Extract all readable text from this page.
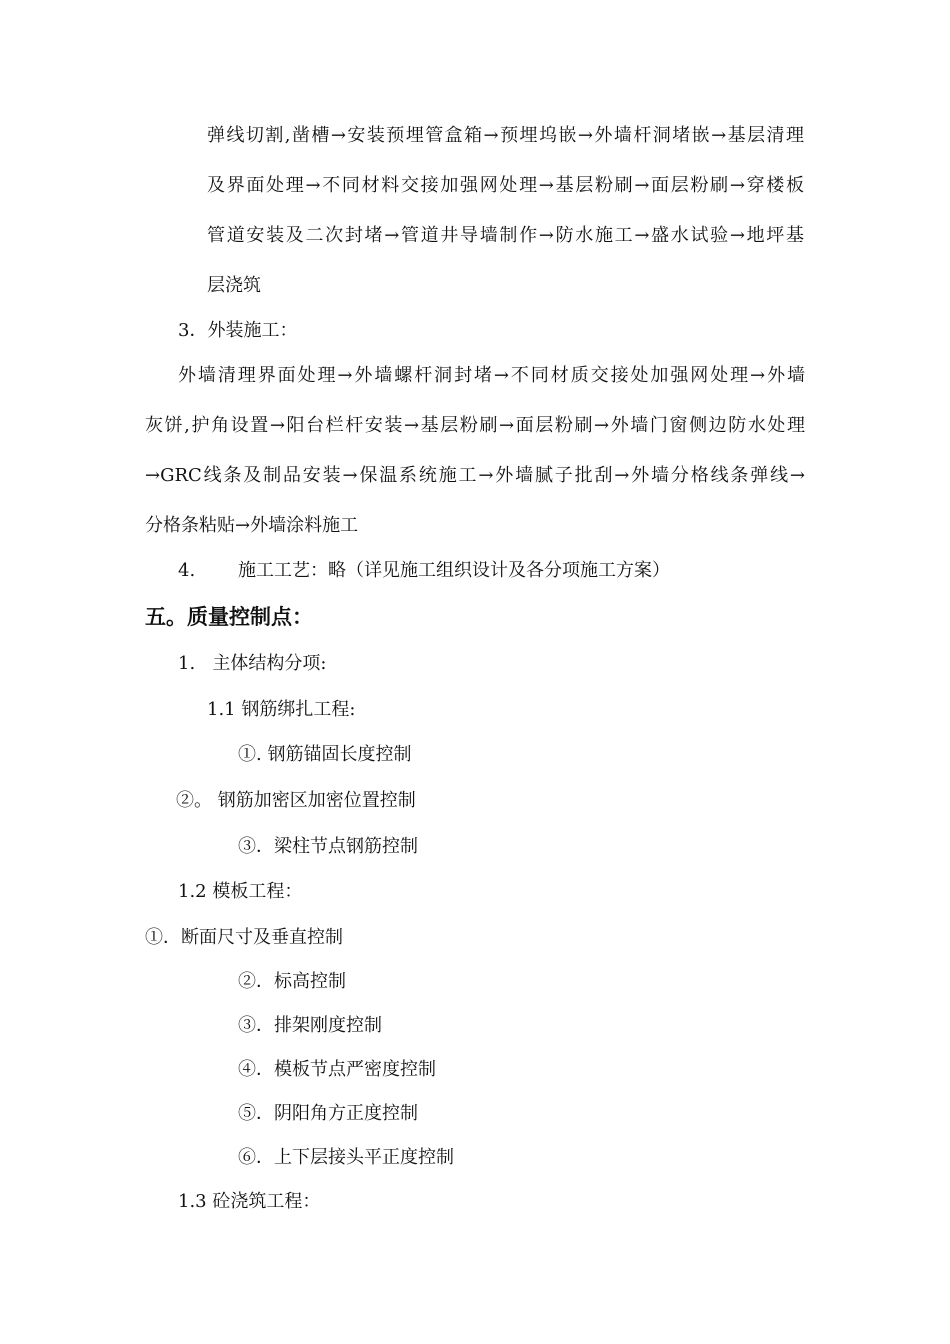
弹线切割,凿槽→安装预埋管盒箱→预埋坞嵌→外墙杆洞堵嵌→基层清理
及界面处理→不同材料交接加强网处理→基层粉刷→面层粉刷→穿楼板
管道安装及二次封堵→管道井导墙制作→防水施工→盛水试验→地坪基
层浇筑
3．外装施工：
外墙清理界面处理→外墙螺杆洞封堵→不同材质交接处加强网处理→外墙
灰饼,护角设置→阳台栏杆安装→基层粉刷→面层粉刷→外墙门窗侧边防水处理
→GRC线条及制品安装→保温系统施工→外墙腻子批刮→外墙分格线条弹线→
分格条粘贴→外墙涂料施工
4. 施工工艺：略（详见施工组织设计及各分项施工方案）
五。质量控制点：
1.   主体结构分项:
1.1 钢筋绑扎工程:
①. 钢筋锚固长度控制
②。 钢筋加密区加密位置控制
③．梁柱节点钢筋控制
1.2 模板工程：
①．断面尺寸及垂直控制
②．标高控制
③．排架刚度控制
④．模板节点严密度控制
⑤．阴阳角方正度控制
⑥．上下层接头平正度控制
1.3 砼浇筑工程：
